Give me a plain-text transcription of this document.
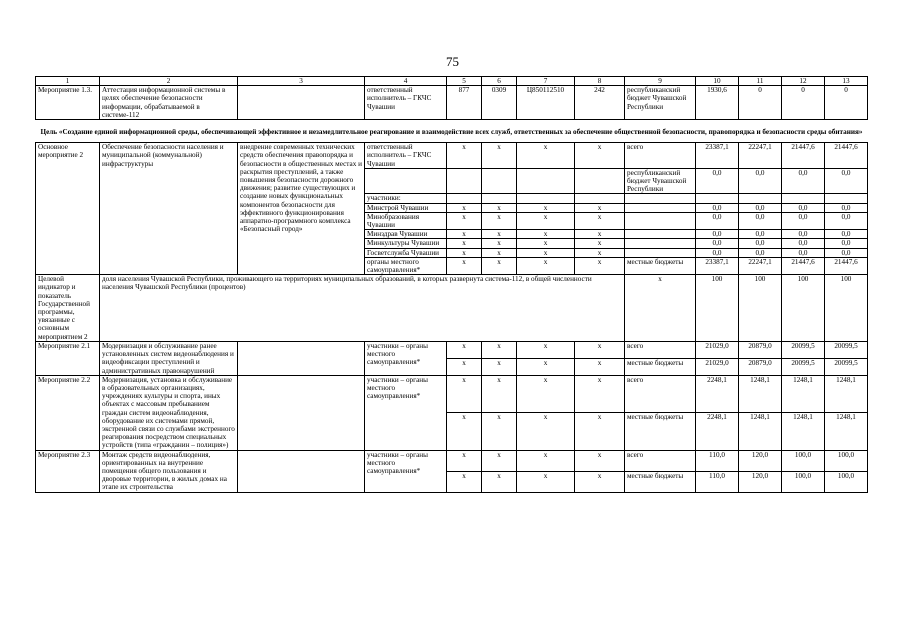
75
1	2	3	4	5	6	7	8	9	10	11	12	13
Мероприятие 1.3.	Аттестация информационной системы в целях обеспечение безопасности информации, обрабатываемой в системе-112		ответственный исполнитель – ГКЧС Чувашии	877	0309	Ц850112510	242	республиканский бюджет Чувашской Республики	1930,6	0	0	0
Цель «Создание единой информационной среды, обеспечивающей эффективное и незамедлительное реагирование и взаимодействие всех служб, ответственных за обеспечение общественной безопасности, правопорядка и безопасности среды обитания»												
Основное мероприятие 2	Обеспечение безопасности населения и муниципальной (коммунальной) инфраструктуры	внедрение современных технических средств обеспечения правопорядка и безопасности в общественных местах и раскрытия преступлений, а также повышения безопасности дорожного движения; развитие существующих и создание новых функциональных компонентов безопасности для эффективного функционирования аппаратно-программного комплекса «Безопасный город»	ответственный исполнитель – ГКЧС Чувашии	x	x	x	x	всего	23387,1	22247,1	21447,6	21447,6
								республиканский бюджет Чувашской Республики	0,0	0,0	0,0	0,0
			участники:									
			Минстрой Чувашии	x	x	x	x		0,0	0,0	0,0	0,0
			Минобразования Чувашии	x	x	x	x		0,0	0,0	0,0	0,0
			Минздрав Чувашии	x	x	x	x		0,0	0,0	0,0	0,0
			Минкультуры Чувашии	x	x	x	x		0,0	0,0	0,0	0,0
			Госветслужба Чувашии	x	x	x	x		0,0	0,0	0,0	0,0
			органы местного самоуправления*	x	x	x	x	местные бюджеты	23387,1	22247,1	21447,6	21447,6
Целевой индикатор и показатель Государственной программы, увязанные с основным мероприятием 2	доля населения Чувашской Республики, проживающего на территориях муниципальных образований, в которых развернута система-112, в общей численности населения Чувашской Республики (процентов)							x	100	100	100	100
Мероприятие 2.1	Модернизация и обслуживание ранее установленных систем видеонаблюдения и видеофиксации преступлений и административных правонарушений		участники – органы местного самоуправления*	x	x	x	x	всего	21029,0	20879,0	20099,5	20099,5
				x	x	x	x	местные бюджеты	21029,0	20879,0	20099,5	20099,5
Мероприятие 2.2	Модернизация, установка и обслуживание в образовательных организациях, учреждениях культуры и спорта, иных объектах с массовым пребыванием граждан систем видеонаблюдения, оборудование их системами прямой, экстренной связи со службами экстренного реагирования посредством специальных устройств (типа «гражданин – полиция»)		участники – органы местного самоуправления*	x	x	x	x	всего	2248,1	1248,1	1248,1	1248,1
				x	x	x	x	местные бюджеты	2248,1	1248,1	1248,1	1248,1
Мероприятие 2.3	Монтаж средств видеонаблюдения, ориентированных на внутренние помещения общего пользования и дворовые территории, в жилых домах на этапе их строительства		участники – органы местного самоуправления*	x	x	x	x	всего	110,0	120,0	100,0	100,0
				x	x	x	x	местные бюджеты	110,0	120,0	100,0	100,0
